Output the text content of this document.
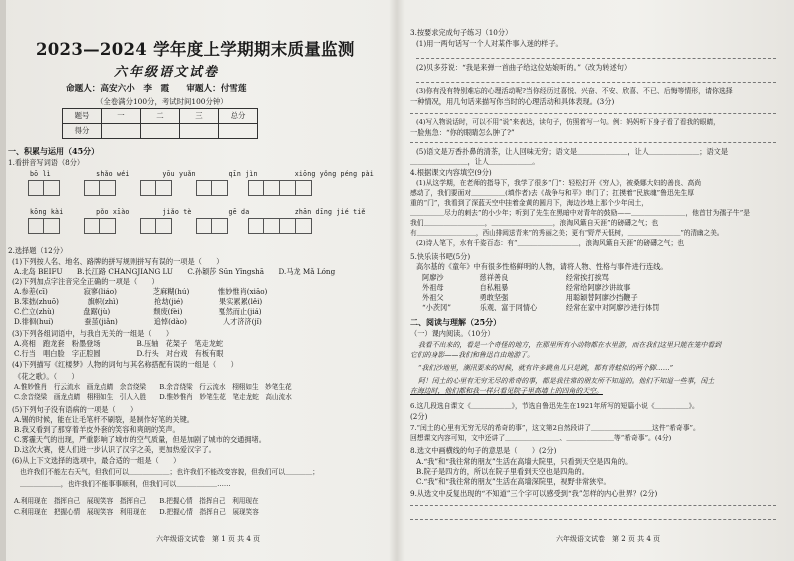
2023—2024 学年度上学期期末质量监测
六年级语文试卷
命题人：高安六小　李　霞　　审题人：付雪莲
（全卷满分100分，考试时间100分钟）
题号	一	二	三	总分
得分				
一、积累与运用（45分）
1.看拼音写词语（8分）
bō lì	shǎo wéi	yōu yuǎn	qīn jìn	xiōng yǒng péng pài
kōng kài	pǒo xīào	jiǎo tè	gē da	zhān dīng jié tiě
2.选择题（12分）
(1)下列按人名、地名、路牌的拼写规则拼写有误的一项是（　　）
A.北岛 BEIFU　　B.长江路 CHANGJIANG LU　　C.孙颖莎 Sūn Yǐngshā　　D.马龙 Mǎ Lóng
(2)下列加点字注音完全正确的一项是（　　）
A.参差(cī)　　　　　寂寥(liáo)　　　　　芝麻糊(hú)　　　　惟妙惟肖(xiāo)
B.笨拙(zhuō)　　　　旗帜(zhì)　　　　　抢劫(jié)　　　　　果实累累(lěi)
C.伫立(zhù)　　　　盘踞(jù)　　　　　　颓废(fèi)　　　　　戛然而止(jiá)
D.徘徊(huí)　　　　 蚕茧(jiǎn)　　　　　追悼(dào)　　　　　人才济济(jǐ)
(3)下列各组词语中，与我自无关的一组是（　　）
A.亮相　跑龙套　粉墨登场　　　　　B.压轴　花架子　笔走龙蛇
C.行当　唱白脸　字正腔圆　　　　　D.行头　对台戏　有板有眼
(4)下列描写《红楼梦》人物的词句与其名称搭配有误的一组是（　　）
《花之歌》。（　　）
A.惟妙惟肖　行云流水　画龙点睛　余音绕梁　　B.余音绕梁　行云流水　栩栩如生　妙笔生花
C.余音绕梁　画龙点睛　栩栩如生　引人入胜　　D.惟妙惟肖　妙笔生花　笔走龙蛇　高山流水
(5)下列句子没有语病的一项是（　　）
A.锡的时候，能在让毛笔杆不刷裂，是制作好笔的关键。
B.我又看到了那穿着羊皮外套的笑容和爽朗的笑声。
C.雾霾天气的出现，严重影响了城市的空气质量，但是加剧了城市的交通拥堵。
D.这次大赛，使人们进一步认识了汉字之美，更加热爱汉字了。
(6)从上下文选择的选项中，最合适的一组是（　　）
也许我们不能左右天气，但我们可以＿＿＿＿＿＿；也许我们不能改变容貌，但我们可以＿＿＿＿；
＿＿＿＿＿＿，也许我们不能事事顺利，但我们可以＿＿＿＿＿＿……
A.利用现在　指挥自己　展现笑容　指挥自己　　B.把握心情　指挥自己　利用现在
C.利用现在　把握心情　展现笑容　利用现在　　D.把握心情　指挥自己　展现笑容
六年级语文试卷　第 1 页 共 4 页
3.按要求完成句子练习（10分）
(1)用一两句话写一个人对某件事入迷的样子。
(2)贝多芬说：“我是来弹一首曲子给这位姑娘听的。”（改为转述句）
(3)你有没有特别难忘的心理活动呢?当你经历过喜悦、兴奋、不安、欣喜、不已、后悔等情形，请你选择
一种情况，用几句话来描写你当时的心理活动和具体表现。(3分)
(4)写入物说话时，可以不用“说”来表达，读句子，仿照着写一句。例：妈妈听下身子看了看我的眼睛，
一脸焦急：“你的眼睛怎么肿了?”
(5)语文是万香扑鼻的清茶，让人回味无穷；语文是＿＿＿＿＿＿＿，让人＿＿＿＿＿＿＿；语文是
＿＿＿＿＿＿＿＿，让人＿＿＿＿＿＿。
4.根据课文内容填空(9分)
(1)从这学期，在老师的指导下，我学了很多“门”：轻松打开《穷人》，被桑娜大妇的善良、高尚
感动了，我们要面对＿＿＿＿＿(填作者)去《战争与和平》串门了；扛摸着“民族魂”鲁迅先生厚
重的“门”，我看到了深蓝天空中挂着金黄的圆月下，海边沙地上那个少年闰土，
＿＿＿＿＿尽力的刺去”的小少年；听到了先生在黑暗中对青年的鼓励——＿＿＿＿＿＿＿＿，他首甘为孺子牛”是
我们＿＿＿＿＿＿＿＿＿，＿＿＿＿＿＿＿＿＿，浪淘风簸自天涯”的磅礴之气；也
有＿＿＿＿＿＿＿＿＿，西山排闼送青来”的秀丽之美；更有“野芹天低树，＿＿＿＿＿＿＿＿”的清幽之美。
(2)诗人笔下，水有千姿百态：有“＿＿＿＿＿＿＿＿＿，浪淘风簸自天涯”的磅礴之气；也
5.快乐读书吧(5分)
高尔基的《童年》中有很多性格鲜明的人物，请将人物、性格与事件进行连线。
阿廖沙　　　　　慈祥善良　　　　　　　　经常挨打挨骂
外祖母　　　　　自私粗暴　　　　　　　　经常给阿廖沙讲故事
外祖父　　　　　勇敢坚强　　　　　　　　用聪颖替阿廖沙挡鞭子
“小茨冈”　　　　乐观、富于同情心　　　　经常在家中对阿廖沙进行体罚
二、阅读与理解（25分）
（一）课内阅读。（10分）
我看不出来的，看是一个奇怪的地方，在那里所有小动物都在水里游，而在我们这里只能在笼中看到
它们的身影——我们和鲁迅自由地游了。
“我们沙地里，潮汛要来的时候，就有许多跳鱼儿只是跳，都有青蛙似的两个脚……”
阿！闰土的心里有无穷无尽的希奇的事，都是我往常的朋友所不知道的。他们不知道一些事，闰土
在海边时，他们都和我一样只看见院子里高墙上的四角的天空。
6.这几段选自课文《＿＿＿＿＿＿》，节选自鲁迅先生在1921年所写的短篇小说《＿＿＿＿＿》。
(2分)
7.“闰土的心里有无穷无尽的希奇的事”，这文第2自然段讲了＿＿＿＿＿＿＿＿＿这件“希奇事”。
回想课文内容可知，文中还讲了＿＿＿＿＿＿＿＿、＿＿＿＿＿＿＿等“希奇事”。(4分)
8.选文中画横线的句子的意思是（　　）(2分)
A.“我”和“我往常的朋友”生活在高墙大院里，只看到天空是四角的。
B.院子是四方的，所以在院子里看到天空也是四角的。
C.“我”和“我往常的朋友”生活在高墙深院里，视野非常狭窄。
9.从选文中反复出现的“不知道”三个字可以感受到“我”怎样的内心世界？(2分)
六年级语文试卷　第 2 页 共 4 页
